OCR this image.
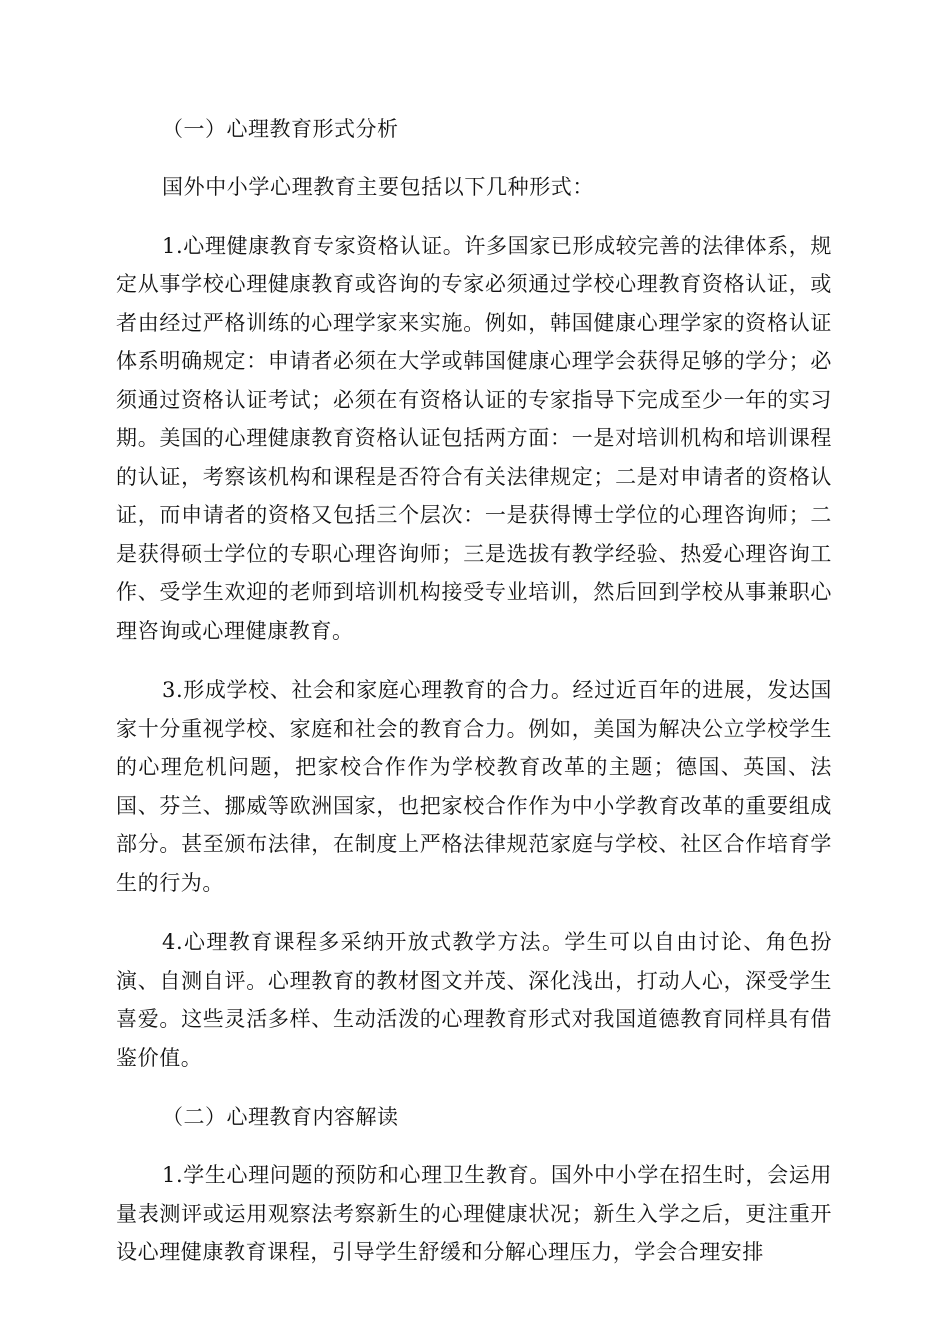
（一）心理教育形式分析

国外中小学心理教育主要包括以下几种形式：

1.心理健康教育专家资格认证。许多国家已形成较完善的法律体系，规定从事学校心理健康教育或咨询的专家必须通过学校心理教育资格认证，或者由经过严格训练的心理学家来实施。例如，韩国健康心理学家的资格认证体系明确规定：申请者必须在大学或韩国健康心理学会获得足够的学分；必须通过资格认证考试；必须在有资格认证的专家指导下完成至少一年的实习期。美国的心理健康教育资格认证包括两方面：一是对培训机构和培训课程的认证，考察该机构和课程是否符合有关法律规定；二是对申请者的资格认证，而申请者的资格又包括三个层次：一是获得博士学位的心理咨询师；二是获得硕士学位的专职心理咨询师；三是选拔有教学经验、热爱心理咨询工作、受学生欢迎的老师到培训机构接受专业培训，然后回到学校从事兼职心理咨询或心理健康教育。

3.形成学校、社会和家庭心理教育的合力。经过近百年的进展，发达国家十分重视学校、家庭和社会的教育合力。例如，美国为解决公立学校学生的心理危机问题，把家校合作作为学校教育改革的主题；德国、英国、法国、芬兰、挪威等欧洲国家，也把家校合作作为中小学教育改革的重要组成部分。甚至颁布法律，在制度上严格法律规范家庭与学校、社区合作培育学生的行为。

4.心理教育课程多采纳开放式教学方法。学生可以自由讨论、角色扮演、自测自评。心理教育的教材图文并茂、深化浅出，打动人心，深受学生喜爱。这些灵活多样、生动活泼的心理教育形式对我国道德教育同样具有借鉴价值。

（二）心理教育内容解读

1.学生心理问题的预防和心理卫生教育。国外中小学在招生时，会运用量表测评或运用观察法考察新生的心理健康状况；新生入学之后，更注重开设心理健康教育课程，引导学生舒缓和分解心理压力，学会合理安排
